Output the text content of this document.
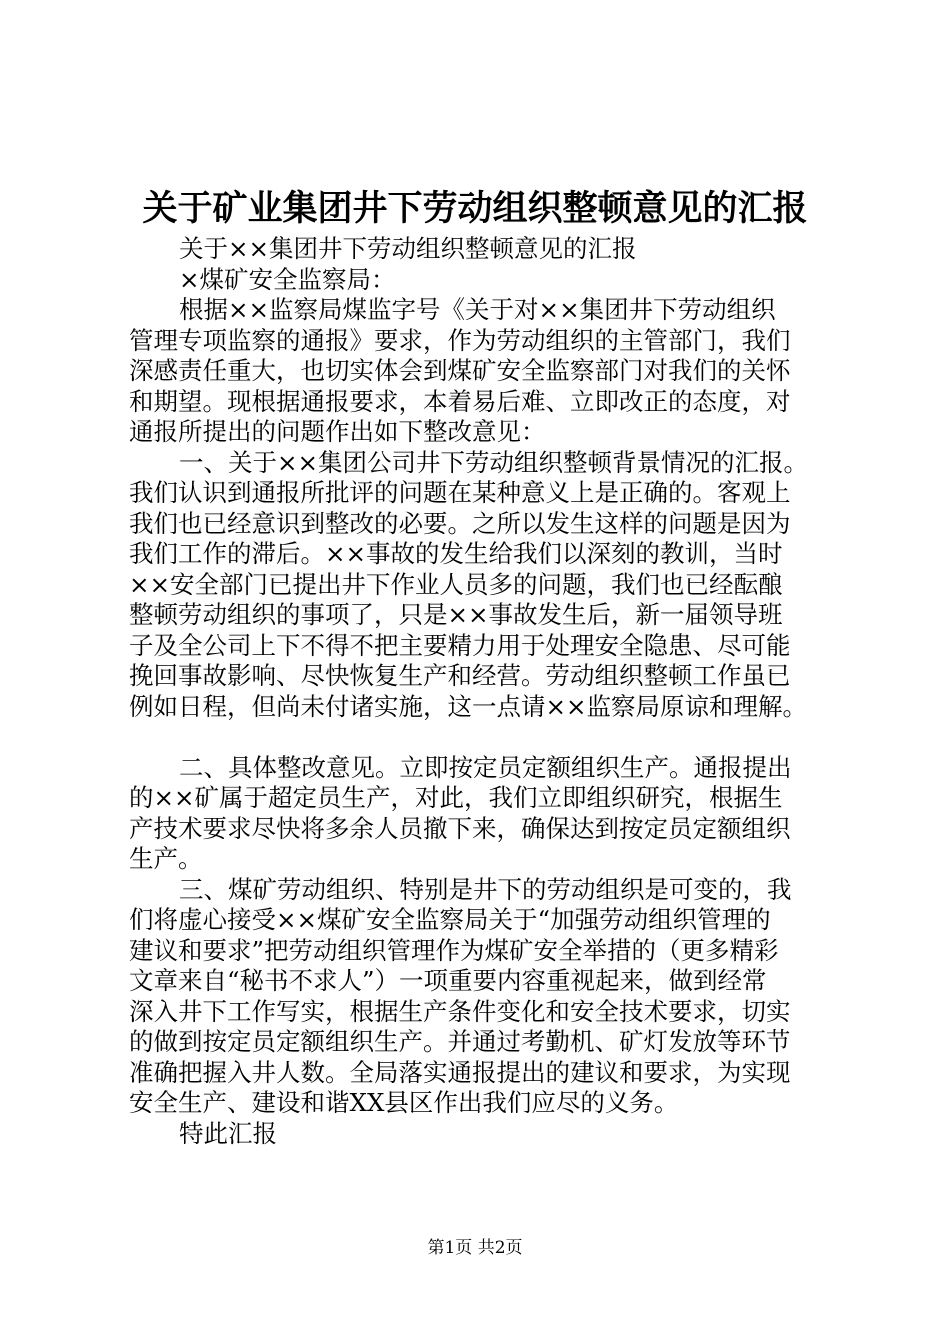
关于矿业集团井下劳动组织整顿意见的汇报
关于××集团井下劳动组织整顿意见的汇报
×煤矿安全监察局：
根据××监察局煤监字号《关于对××集团井下劳动组织
管理专项监察的通报》要求，作为劳动组织的主管部门，我们
深感责任重大，也切实体会到煤矿安全监察部门对我们的关怀
和期望。现根据通报要求，本着易后难、立即改正的态度，对
通报所提出的问题作出如下整改意见：
一、关于××集团公司井下劳动组织整顿背景情况的汇报。
我们认识到通报所批评的问题在某种意义上是正确的。客观上
我们也已经意识到整改的必要。之所以发生这样的问题是因为
我们工作的滞后。××事故的发生给我们以深刻的教训，当时
××安全部门已提出井下作业人员多的问题，我们也已经酝酿
整顿劳动组织的事项了，只是××事故发生后，新一届领导班
子及全公司上下不得不把主要精力用于处理安全隐患、尽可能
挽回事故影响、尽快恢复生产和经营。劳动组织整顿工作虽已
例如日程，但尚未付诸实施，这一点请××监察局原谅和理解。
二、具体整改意见。立即按定员定额组织生产。通报提出
的××矿属于超定员生产，对此，我们立即组织研究，根据生
产技术要求尽快将多余人员撤下来，确保达到按定员定额组织
生产。
三、煤矿劳动组织、特别是井下的劳动组织是可变的，我
们将虚心接受××煤矿安全监察局关于“加强劳动组织管理的
建议和要求”把劳动组织管理作为煤矿安全举措的（更多精彩
文章来自“秘书不求人”）一项重要内容重视起来，做到经常
深入井下工作写实，根据生产条件变化和安全技术要求，切实
的做到按定员定额组织生产。并通过考勤机、矿灯发放等环节
准确把握入井人数。全局落实通报提出的建议和要求，为实现
安全生产、建设和谐XX县区作出我们应尽的义务。
特此汇报
第1页 共2页
